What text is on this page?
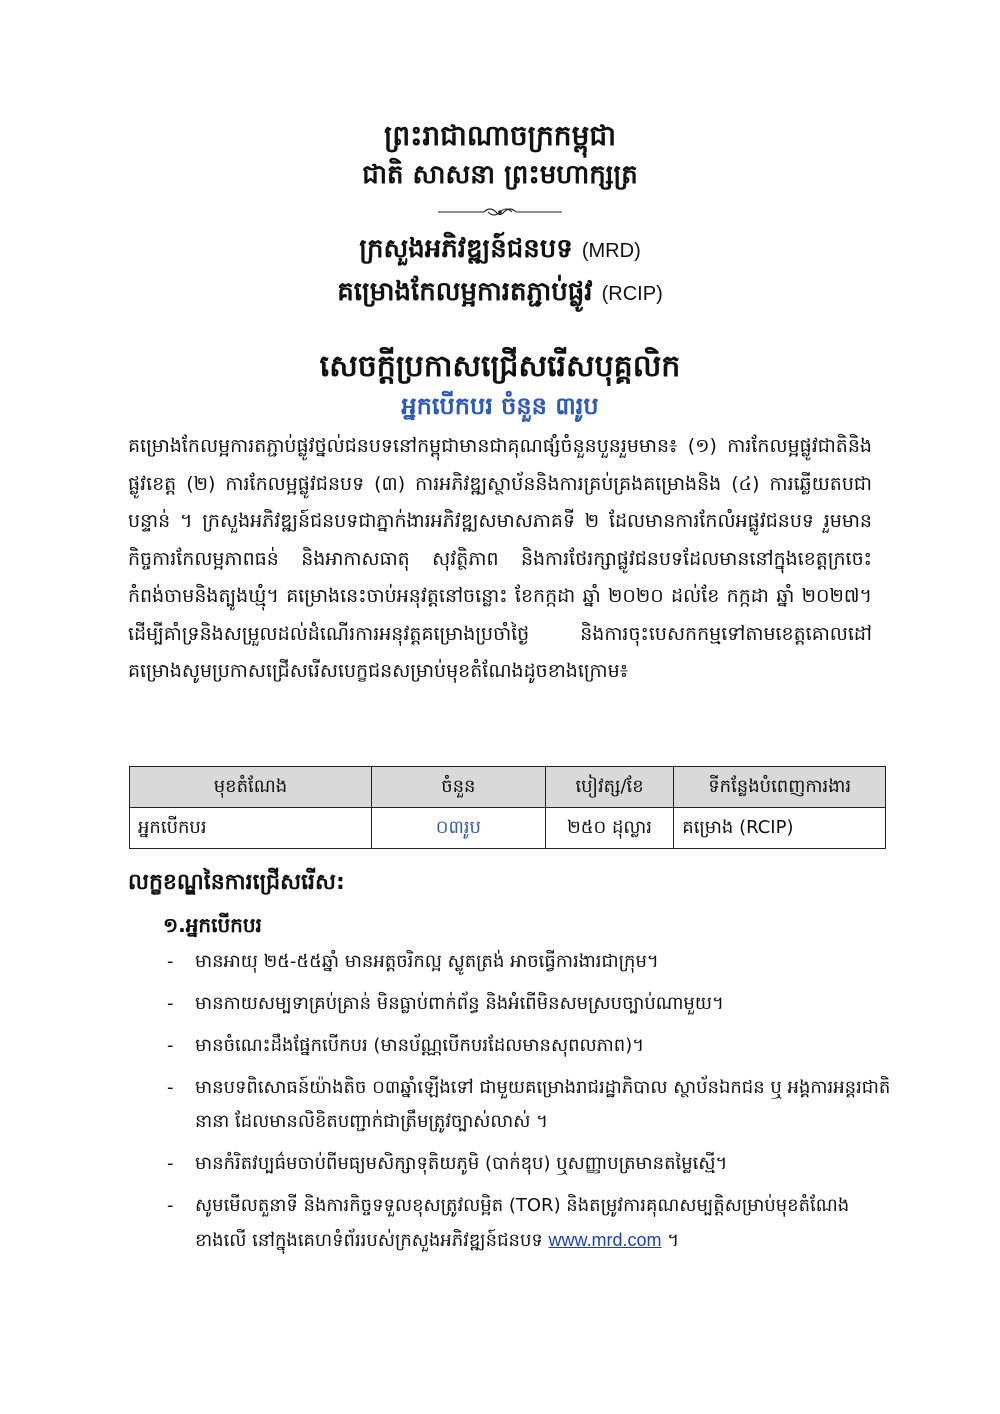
ព្រះរាជាណាចក្រកម្ពុជា
ជាតិ សាសនា ព្រះមហាក្សត្រ
ក្រសួងអភិវឌ្ឍន៍ជនបទ (MRD)
គម្រោងកែលម្អការតភ្ជាប់ផ្លូវ (RCIP)
សេចក្តីប្រកាសជ្រើសរើសបុគ្គលិក
អ្នកបើកបរ ចំនួន ៣រូប

គម្រោងកែលម្អការតភ្ជាប់ផ្លូវថ្នល់ជនបទនៅកម្ពុជាមានជាគុណផ្សំចំនួនបួនរួមមាន៖ (១) ការកែលម្អផ្លូវជាតិនិងផ្លូវខេត្ត (២) ការកែលម្អផ្លូវជនបទ (៣) ការអភិវឌ្ឍស្ថាប័ននិងការគ្រប់គ្រងគម្រោងនិង (៤) ការឆ្លើយតបជាបន្ទាន់ ។ ក្រសួងអភិវឌ្ឍន៍ជនបទជាភ្នាក់ងារអភិវឌ្ឍសមាសភាគទី ២ ដែលមានការកែលំអផ្លូវជនបទ រួមមានកិច្ចការកែលម្អភាពធន់ និងអាកាសធាតុ សុវត្ថិភាព និងការថែរក្សាផ្លូវជនបទដែលមាននៅក្នុងខេត្តក្រចេះកំពង់ចាមនិងត្បូងឃ្មុំ។ គម្រោងនេះចាប់អនុវត្តនៅចន្លោះ ខែកក្កដា ឆ្នាំ ២០២០ ដល់ខែ កក្កដា ឆ្នាំ ២០២៧។ ដើម្បីគាំទ្រនិងសម្រួលដល់ដំណើរការអនុវត្តគម្រោងប្រចាំថ្ងៃ និងការចុះបេសកកម្មទៅតាមខេត្តគោលដៅ គម្រោងសូមប្រកាសជ្រើសរើសបេក្ខជនសម្រាប់មុខតំណែងដូចខាងក្រោម៖

មុខតំណែង	ចំនួន	បៀវត្ស/ខែ	ទីកន្លែងបំពេញការងារ
អ្នកបើកបរ	០៣រូប	២៥០ ដុល្លារ	គម្រោង (RCIP)
លក្ខខណ្ឌនៃការជ្រើសរើស:
១.អ្នកបើកបរ
- មានអាយុ ២៥-៥៥ឆ្នាំ មានអត្តចរិកល្អ ស្លូតត្រង់ អាចធ្វើការងារជាក្រុម។
- មានកាយសម្បទាគ្រប់គ្រាន់ មិនធ្លាប់ពាក់ព័ន្ធ និងអំពើមិនសមស្របច្បាប់ណាមួយ។
- មានចំណេះដឹងផ្នែកបើកបរ (មានប័ណ្ណបើកបរដែលមានសុពលភាព)។
- មានបទពិសោធន៍យ៉ាងតិច ០៣ឆ្នាំឡើងទៅ ជាមួយគម្រោងរាជរដ្ឋាភិបាល ស្ថាប័នឯកជន ឬ អង្គការអន្តរជាតិនានា ដែលមានលិខិតបញ្ជាក់ជាត្រឹមត្រូវច្បាស់លាស់ ។
- មានកំរិតវប្បធ៌មចាប់ពីមធ្យមសិក្សាទុតិយភូមិ (បាក់ឌុប) ឬសញ្ញាបត្រមានតម្លៃស្មើ។
- សូមមើលតួនាទី និងការកិច្ចទទួលខុសត្រូវលម្អិត (TOR) និងតម្រូវការគុណសម្បត្តិសម្រាប់មុខតំណែងខាងលើ នៅក្នុងគេហទំព័ររបស់ក្រសួងអភិវឌ្ឍន៍ជនបទ www.mrd.com ។
